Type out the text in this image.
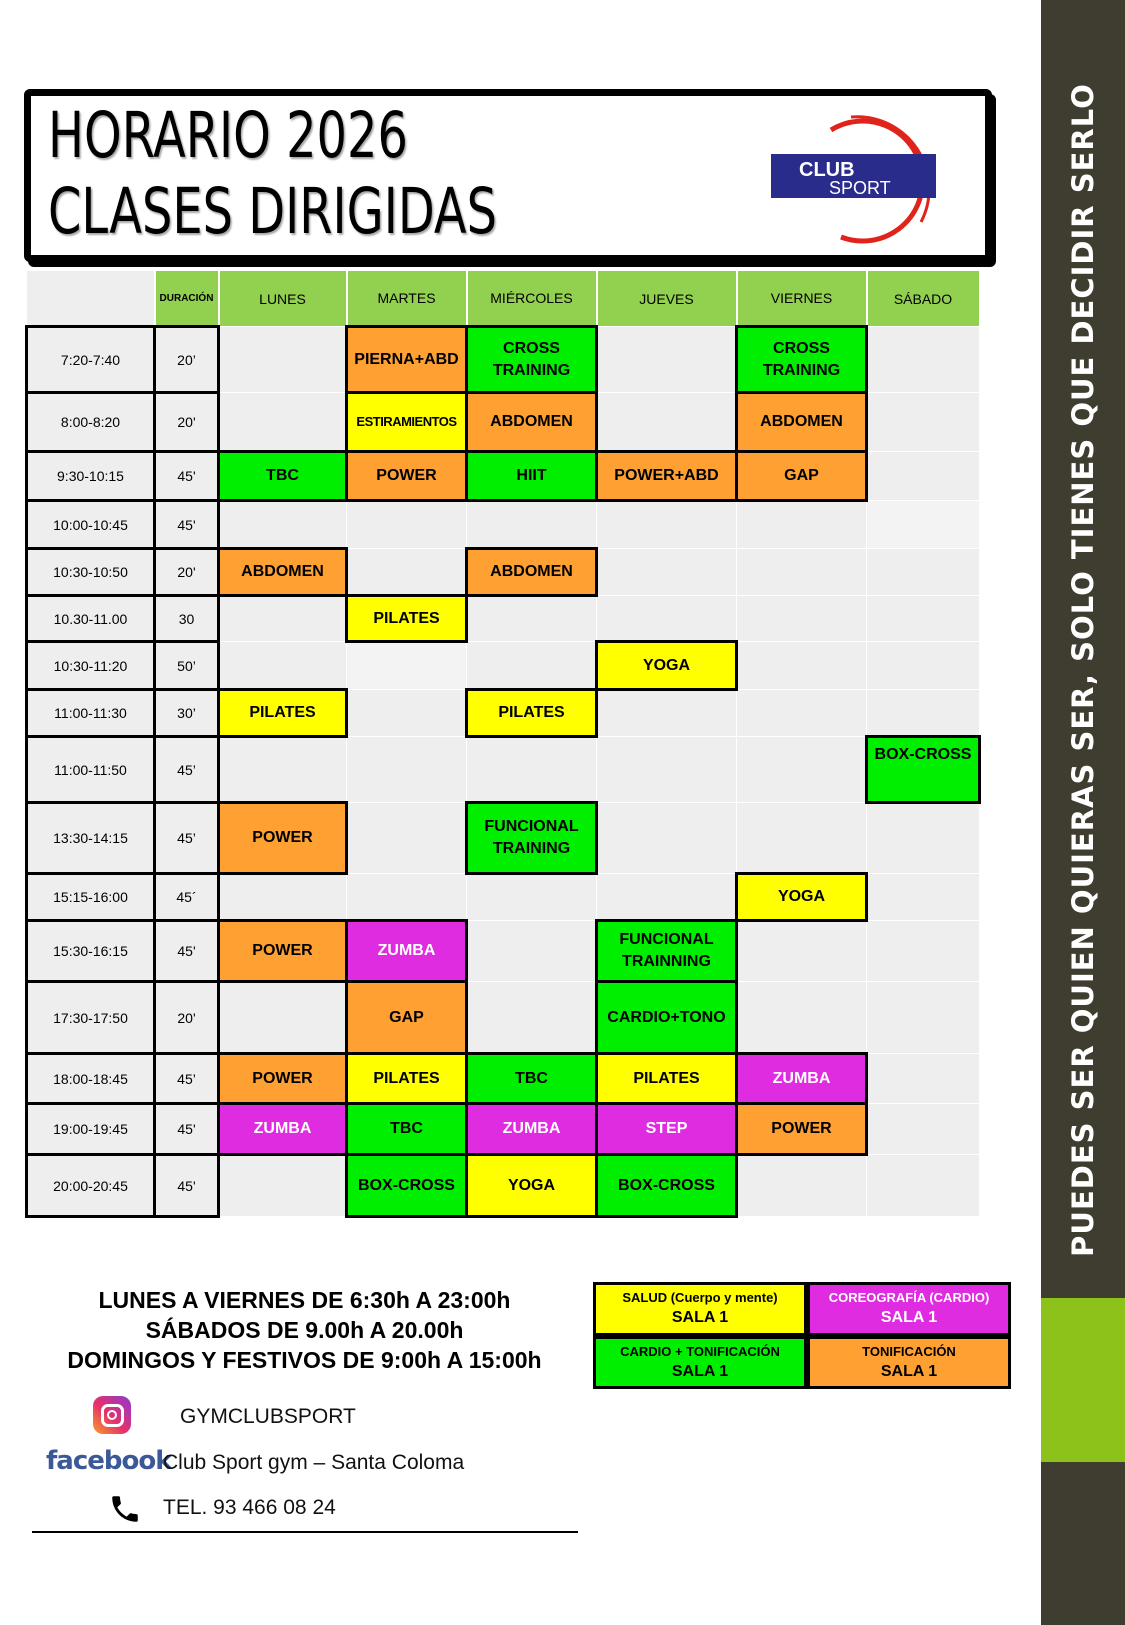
PUEDES SER QUIEN QUIERAS SER, SOLO TIENES QUE DECIDIR SERLO
HORARIO 2026
CLASES DIRIGIDAS
CLUB
SPORT
	DURACIÓN	LUNES	MARTES	MIÉRCOLES	JUEVES	VIERNES	SÁBADO
7:20-7:40	20’		PIERNA+ABD	CROSS TRAINING		CROSS TRAINING	
8:00-8:20	20'		ESTIRAMIENTOS	ABDOMEN		ABDOMEN	
9:30-10:15	45'	TBC	POWER	HIIT	POWER+ABD	GAP	
10:00-10:45	45'						
10:30-10:50	20'	ABDOMEN		ABDOMEN			
10.30-11.00	30		PILATES				
10:30-11:20	50’				YOGA		
11:00-11:30	30’	PILATES		PILATES			
11:00-11:50	45’						BOX-CROSS
13:30-14:15	45’	POWER		FUNCIONAL TRAINING			
15:15-16:00	45´					YOGA	
15:30-16:15	45'	POWER	ZUMBA		FUNCIONAL TRAINNING		
17:30-17:50	20'		GAP		CARDIO+TONO		
18:00-18:45	45’	POWER	PILATES	TBC	PILATES	ZUMBA	
19:00-19:45	45'	ZUMBA	TBC	ZUMBA	STEP	POWER	
20:00-20:45	45'		BOX-CROSS	YOGA	BOX-CROSS		
LUNES A VIERNES DE 6:30h A 23:00h
SÁBADOS DE 9.00h A 20.00h
DOMINGOS Y FESTIVOS DE 9:00h A 15:00h
SALUD (Cuerpo y mente)
SALA 1
COREOGRAFÍA (CARDIO)
SALA 1
CARDIO + TONIFICACIÓN
SALA 1
TONIFICACIÓN
SALA 1
GYMCLUBSPORT
facebook
Club Sport gym – Santa Coloma
TEL. 93 466 08 24
